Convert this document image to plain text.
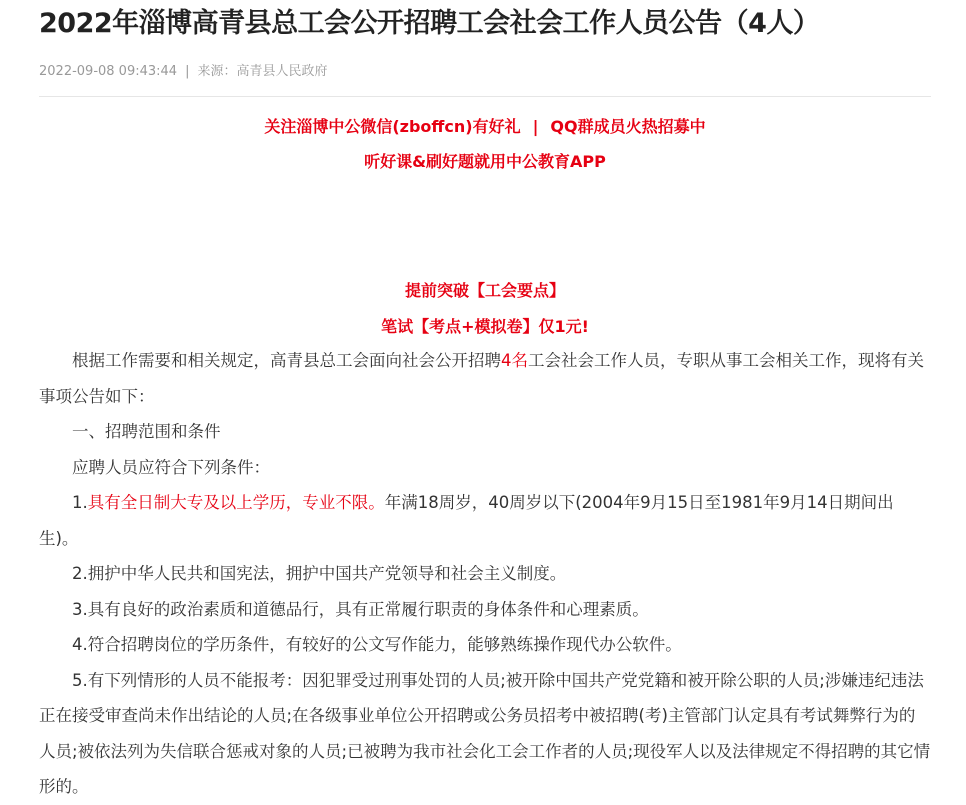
2022年淄博高青县总工会公开招聘工会社会工作人员公告（4人）
2022-09-08 09:43:44 | 来源：高青县人民政府
关注淄博中公微信(zboffcn)有好礼 | QQ群成员火热招募中
听好课&刷好题就用中公教育APP
提前突破【工会要点】
笔试【考点+模拟卷】仅1元!

根据工作需要和相关规定，高青县总工会面向社会公开招聘4名工会社会工作人员，专职从事工会相关工作，现将有关事项公告如下：

一、招聘范围和条件

应聘人员应符合下列条件：

1.具有全日制大专及以上学历，专业不限。年满18周岁，40周岁以下(2004年9月15日至1981年9月14日期间出生)。

2.拥护中华人民共和国宪法，拥护中国共产党领导和社会主义制度。

3.具有良好的政治素质和道德品行，具有正常履行职责的身体条件和心理素质。

4.符合招聘岗位的学历条件，有较好的公文写作能力，能够熟练操作现代办公软件。

5.有下列情形的人员不能报考：因犯罪受过刑事处罚的人员;被开除中国共产党党籍和被开除公职的人员;涉嫌违纪违法正在接受审查尚未作出结论的人员;在各级事业单位公开招聘或公务员招考中被招聘(考)主管部门认定具有考试舞弊行为的人员;被依法列为失信联合惩戒对象的人员;已被聘为我市社会化工会工作者的人员;现役军人以及法律规定不得招聘的其它情形的。
